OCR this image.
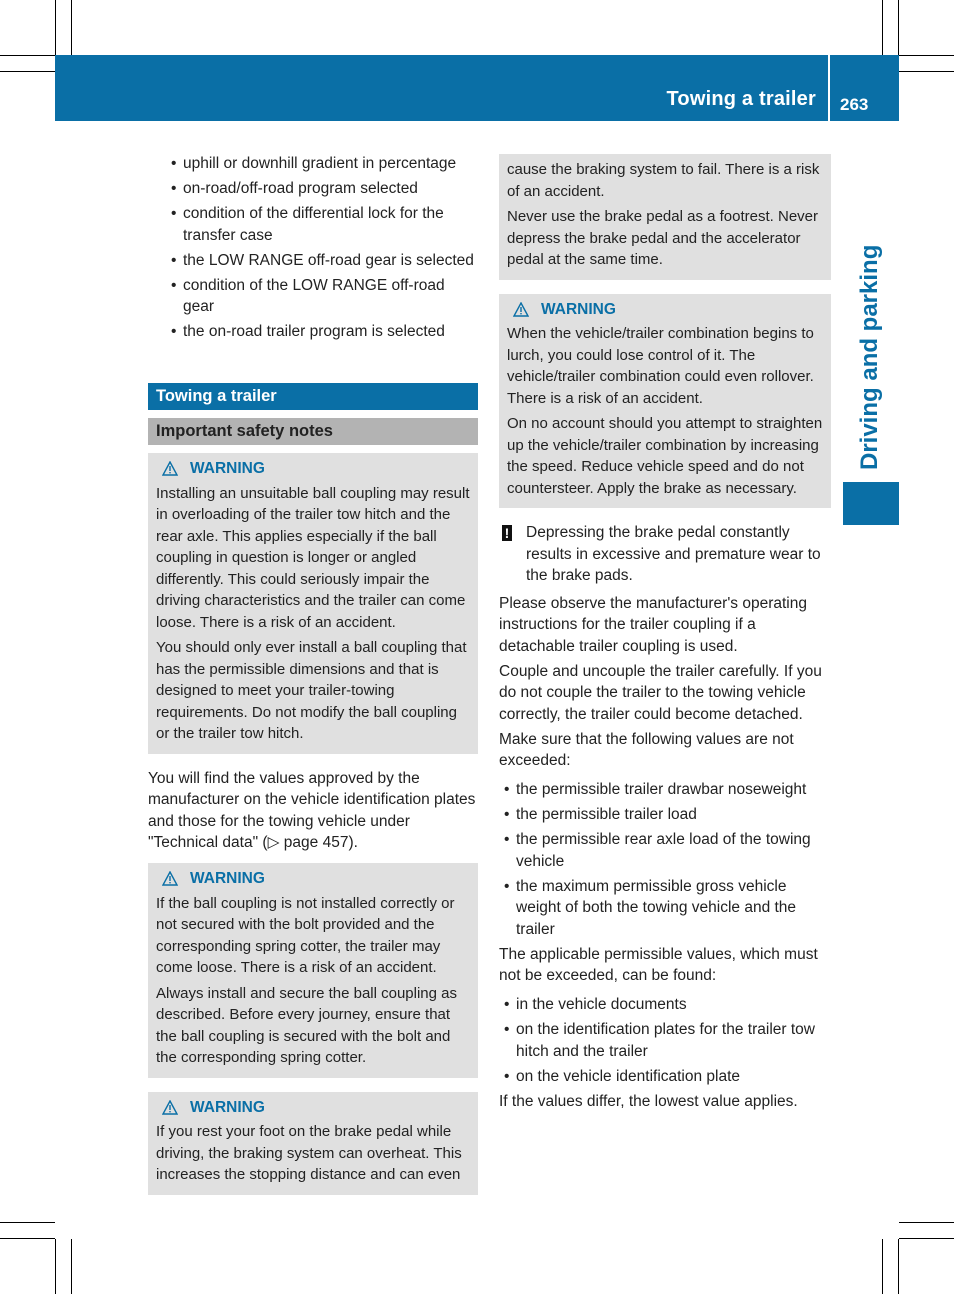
Towing a trailer 263
Driving and parking
• uphill or downhill gradient in percentage
• on-road/off-road program selected
• condition of the differential lock for the transfer case
• the LOW RANGE off-road gear is selected
• condition of the LOW RANGE off-road gear
• the on-road trailer program is selected
Towing a trailer
Important safety notes
WARNING

Installing an unsuitable ball coupling may result in overloading of the trailer tow hitch and the rear axle. This applies especially if the ball coupling in question is longer or angled differently. This could seriously impair the driving characteristics and the trailer can come loose. There is a risk of an accident.

You should only ever install a ball coupling that has the permissible dimensions and that is designed to meet your trailer-towing requirements. Do not modify the ball coupling or the trailer tow hitch.

You will find the values approved by the manufacturer on the vehicle identification plates and those for the towing vehicle under "Technical data" (▷ page 457).

WARNING

If the ball coupling is not installed correctly or not secured with the bolt provided and the corresponding spring cotter, the trailer may come loose. There is a risk of an accident.

Always install and secure the ball coupling as described. Before every journey, ensure that the ball coupling is secured with the bolt and the corresponding spring cotter.

WARNING

If you rest your foot on the brake pedal while driving, the braking system can overheat. This increases the stopping distance and can even

cause the braking system to fail. There is a risk of an accident.

Never use the brake pedal as a footrest. Never depress the brake pedal and the accelerator pedal at the same time.

WARNING

When the vehicle/trailer combination begins to lurch, you could lose control of it. The vehicle/trailer combination could even rollover. There is a risk of an accident.

On no account should you attempt to straighten up the vehicle/trailer combination by increasing the speed. Reduce vehicle speed and do not countersteer. Apply the brake as necessary.

!	Depressing the brake pedal constantly results in excessive and premature wear to the brake pads.

Please observe the manufacturer's operating instructions for the trailer coupling if a detachable trailer coupling is used.

Couple and uncouple the trailer carefully. If you do not couple the trailer to the towing vehicle correctly, the trailer could become detached.

Make sure that the following values are not exceeded:

• the permissible trailer drawbar noseweight
• the permissible trailer load
• the permissible rear axle load of the towing vehicle
• the maximum permissible gross vehicle weight of both the towing vehicle and the trailer

The applicable permissible values, which must not be exceeded, can be found:

• in the vehicle documents
• on the identification plates for the trailer tow hitch and the trailer
• on the vehicle identification plate

If the values differ, the lowest value applies.
